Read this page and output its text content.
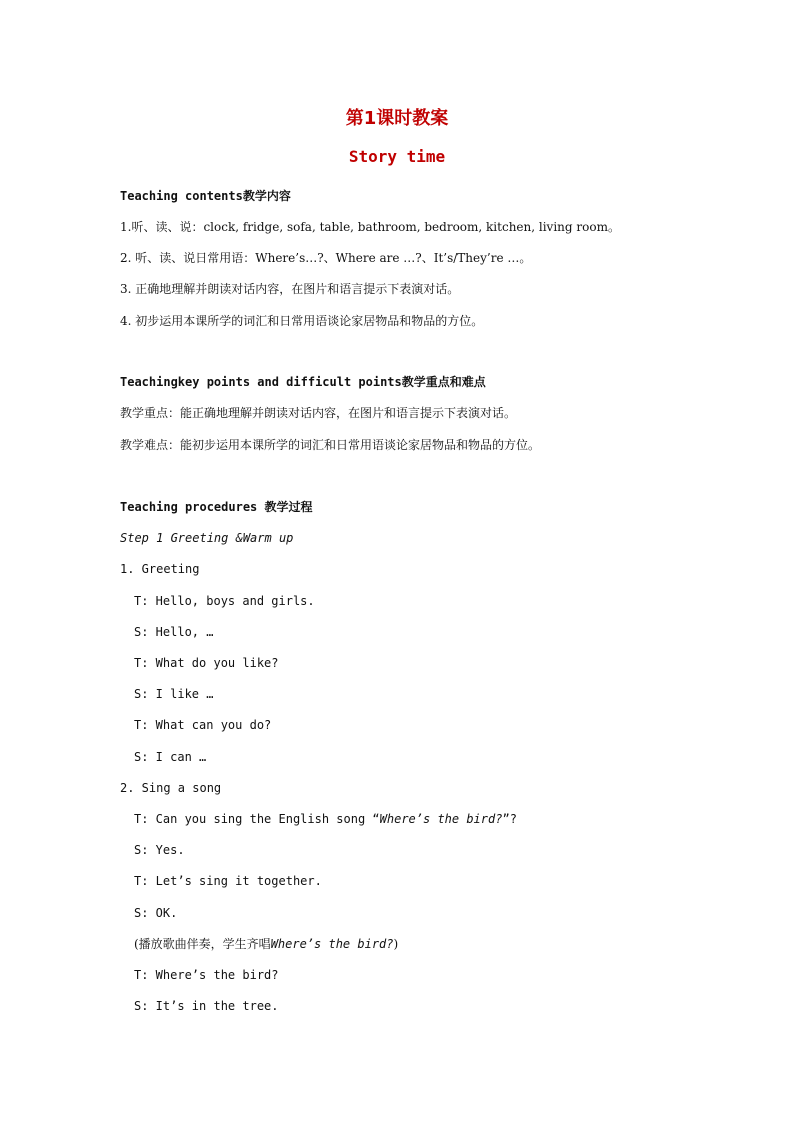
第1课时教案
Story time
Teaching contents教学内容
1.听、读、说：clock, fridge, sofa, table, bathroom, bedroom, kitchen, living room。
2. 听、读、说日常用语：Where’s…?、Where are …?、It’s/They’re …。
3. 正确地理解并朗读对话内容，在图片和语言提示下表演对话。
4. 初步运用本课所学的词汇和日常用语谈论家居物品和物品的方位。
Teachingkey points and difficult points教学重点和难点
教学重点：能正确地理解并朗读对话内容，在图片和语言提示下表演对话。
教学难点：能初步运用本课所学的词汇和日常用语谈论家居物品和物品的方位。
Teaching procedures 教学过程
Step 1 Greeting &Warm up
1. Greeting
T: Hello, boys and girls.
S: Hello, …
T: What do you like?
S: I like …
T: What can you do?
S: I can …
2. Sing a song
T: Can you sing the English song “Where’s the bird?”?
S: Yes.
T: Let’s sing it together.
S: OK.
(播放歌曲伴奏，学生齐唱Where’s the bird?)
T: Where’s the bird?
S: It’s in the tree.
